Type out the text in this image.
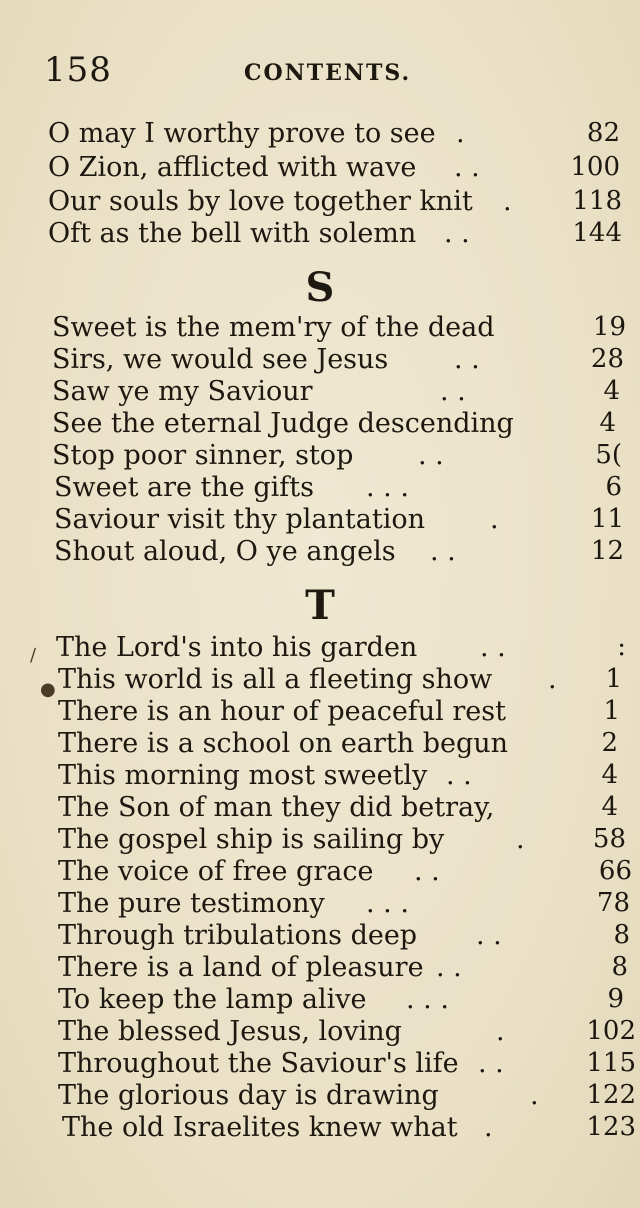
158	CONTENTS.
O may I worthy prove to see .	82
O Zion, afflicted with wave . .	100
Our souls by love together knit . 118
Oft as the bell with solemn . .	144
S
Sweet is the mem'ry of the dead	19
Sirs, we would see Jesus . .	28
Saw ye my Saviour	. .	4
See the eternal Judge descending	4
Stop poor sinner, stop . .	5(
Sweet are the gifts . . .	6
Saviour visit thy plantation .	11
Shout aloud, O ye angels . .	12
T
The Lord's into his garden . .	:
This world is all a fleeting show . 1
There is an hour of peaceful rest	1
There is a school on earth begun	2
This morning most sweetly . .	4
The Son of man they did betray,	4
The gospel ship is sailing by	.	58
The voice of free grace . .	66
The pure testimony . . .	78
Through tribulations deep . .	8
There is a land of pleasure . .	8
To keep the lamp alive . . .	9
The blessed Jesus, loving	.	102
Throughout the Saviour's life . .	115
The glorious day is drawing	. 122
The old Israelites knew what .	123
∕
●
